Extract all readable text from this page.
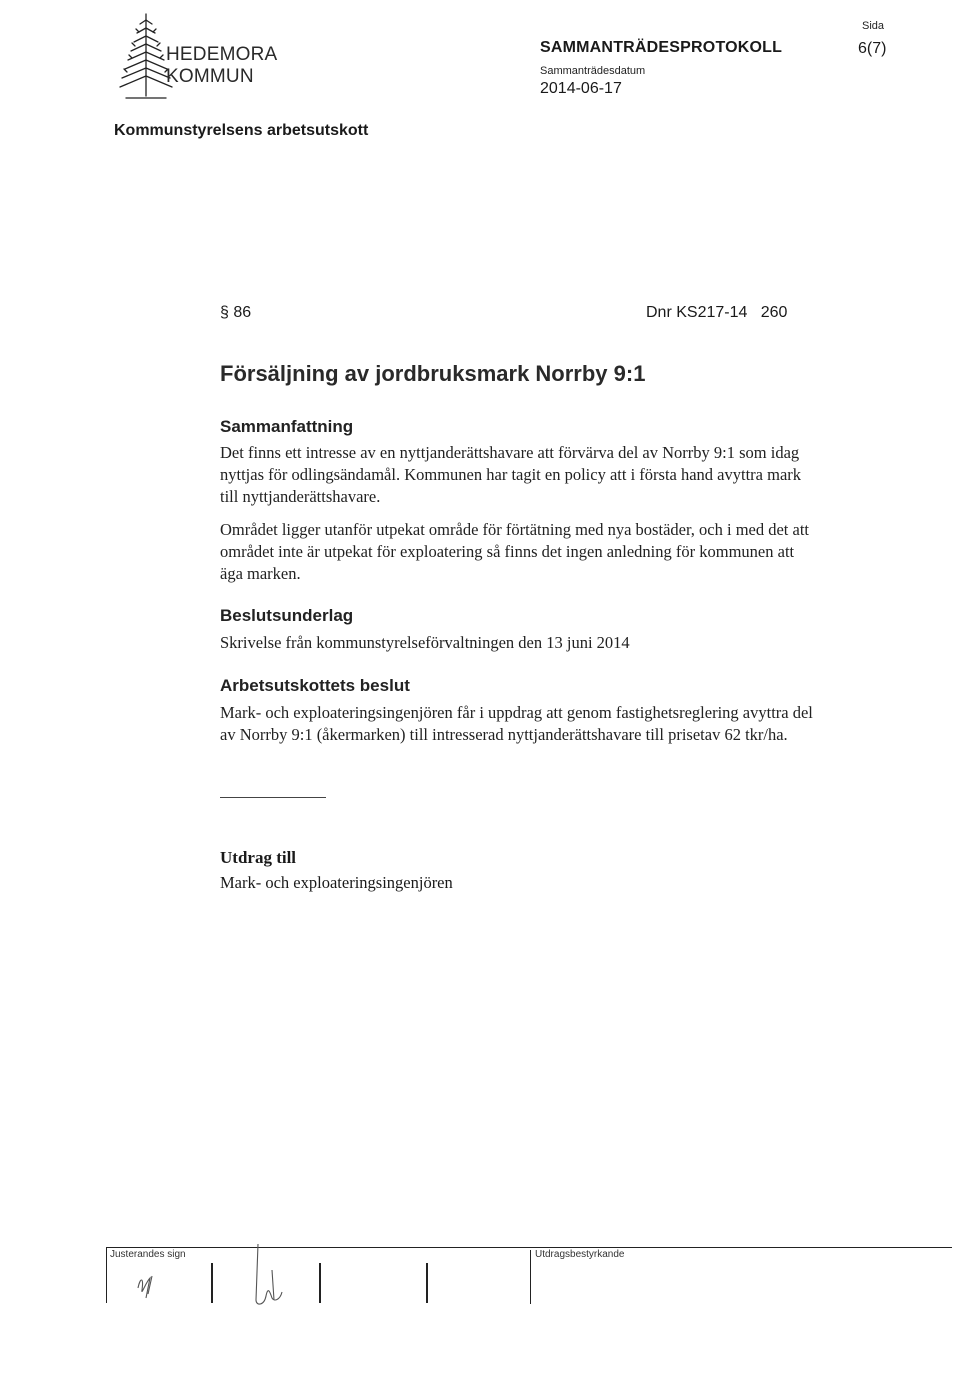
HEDEMORA
KOMMUN
SAMMANTRÄDESPROTOKOLL
Sammanträdesdatum
2014-06-17
Sida
6(7)
Kommunstyrelsens arbetsutskott
§ 86	Dnr KS217-14   260
Försäljning av jordbruksmark Norrby 9:1
Sammanfattning
Det finns ett intresse av en nyttjanderättshavare att förvärva del av Norrby 9:1 som idag nyttjas för odlingsändamål. Kommunen har tagit en policy att i första hand avyttra mark till nyttjanderättshavare.
Området ligger utanför utpekat område för förtätning med nya bostäder, och i med det att området inte är utpekat för exploatering så finns det ingen anledning för kommunen att äga marken.
Beslutsunderlag
Skrivelse från kommunstyrelseförvaltningen den 13 juni 2014
Arbetsutskottets beslut
Mark- och exploateringsingenjören får i uppdrag att genom fastighetsreglering avyttra del av Norrby 9:1 (åkermarken) till intresserad nyttjanderättshavare till prisetav 62 tkr/ha.
Utdrag till
Mark- och exploateringsingenjören
Justerandes sign	Utdragsbestyrkande
